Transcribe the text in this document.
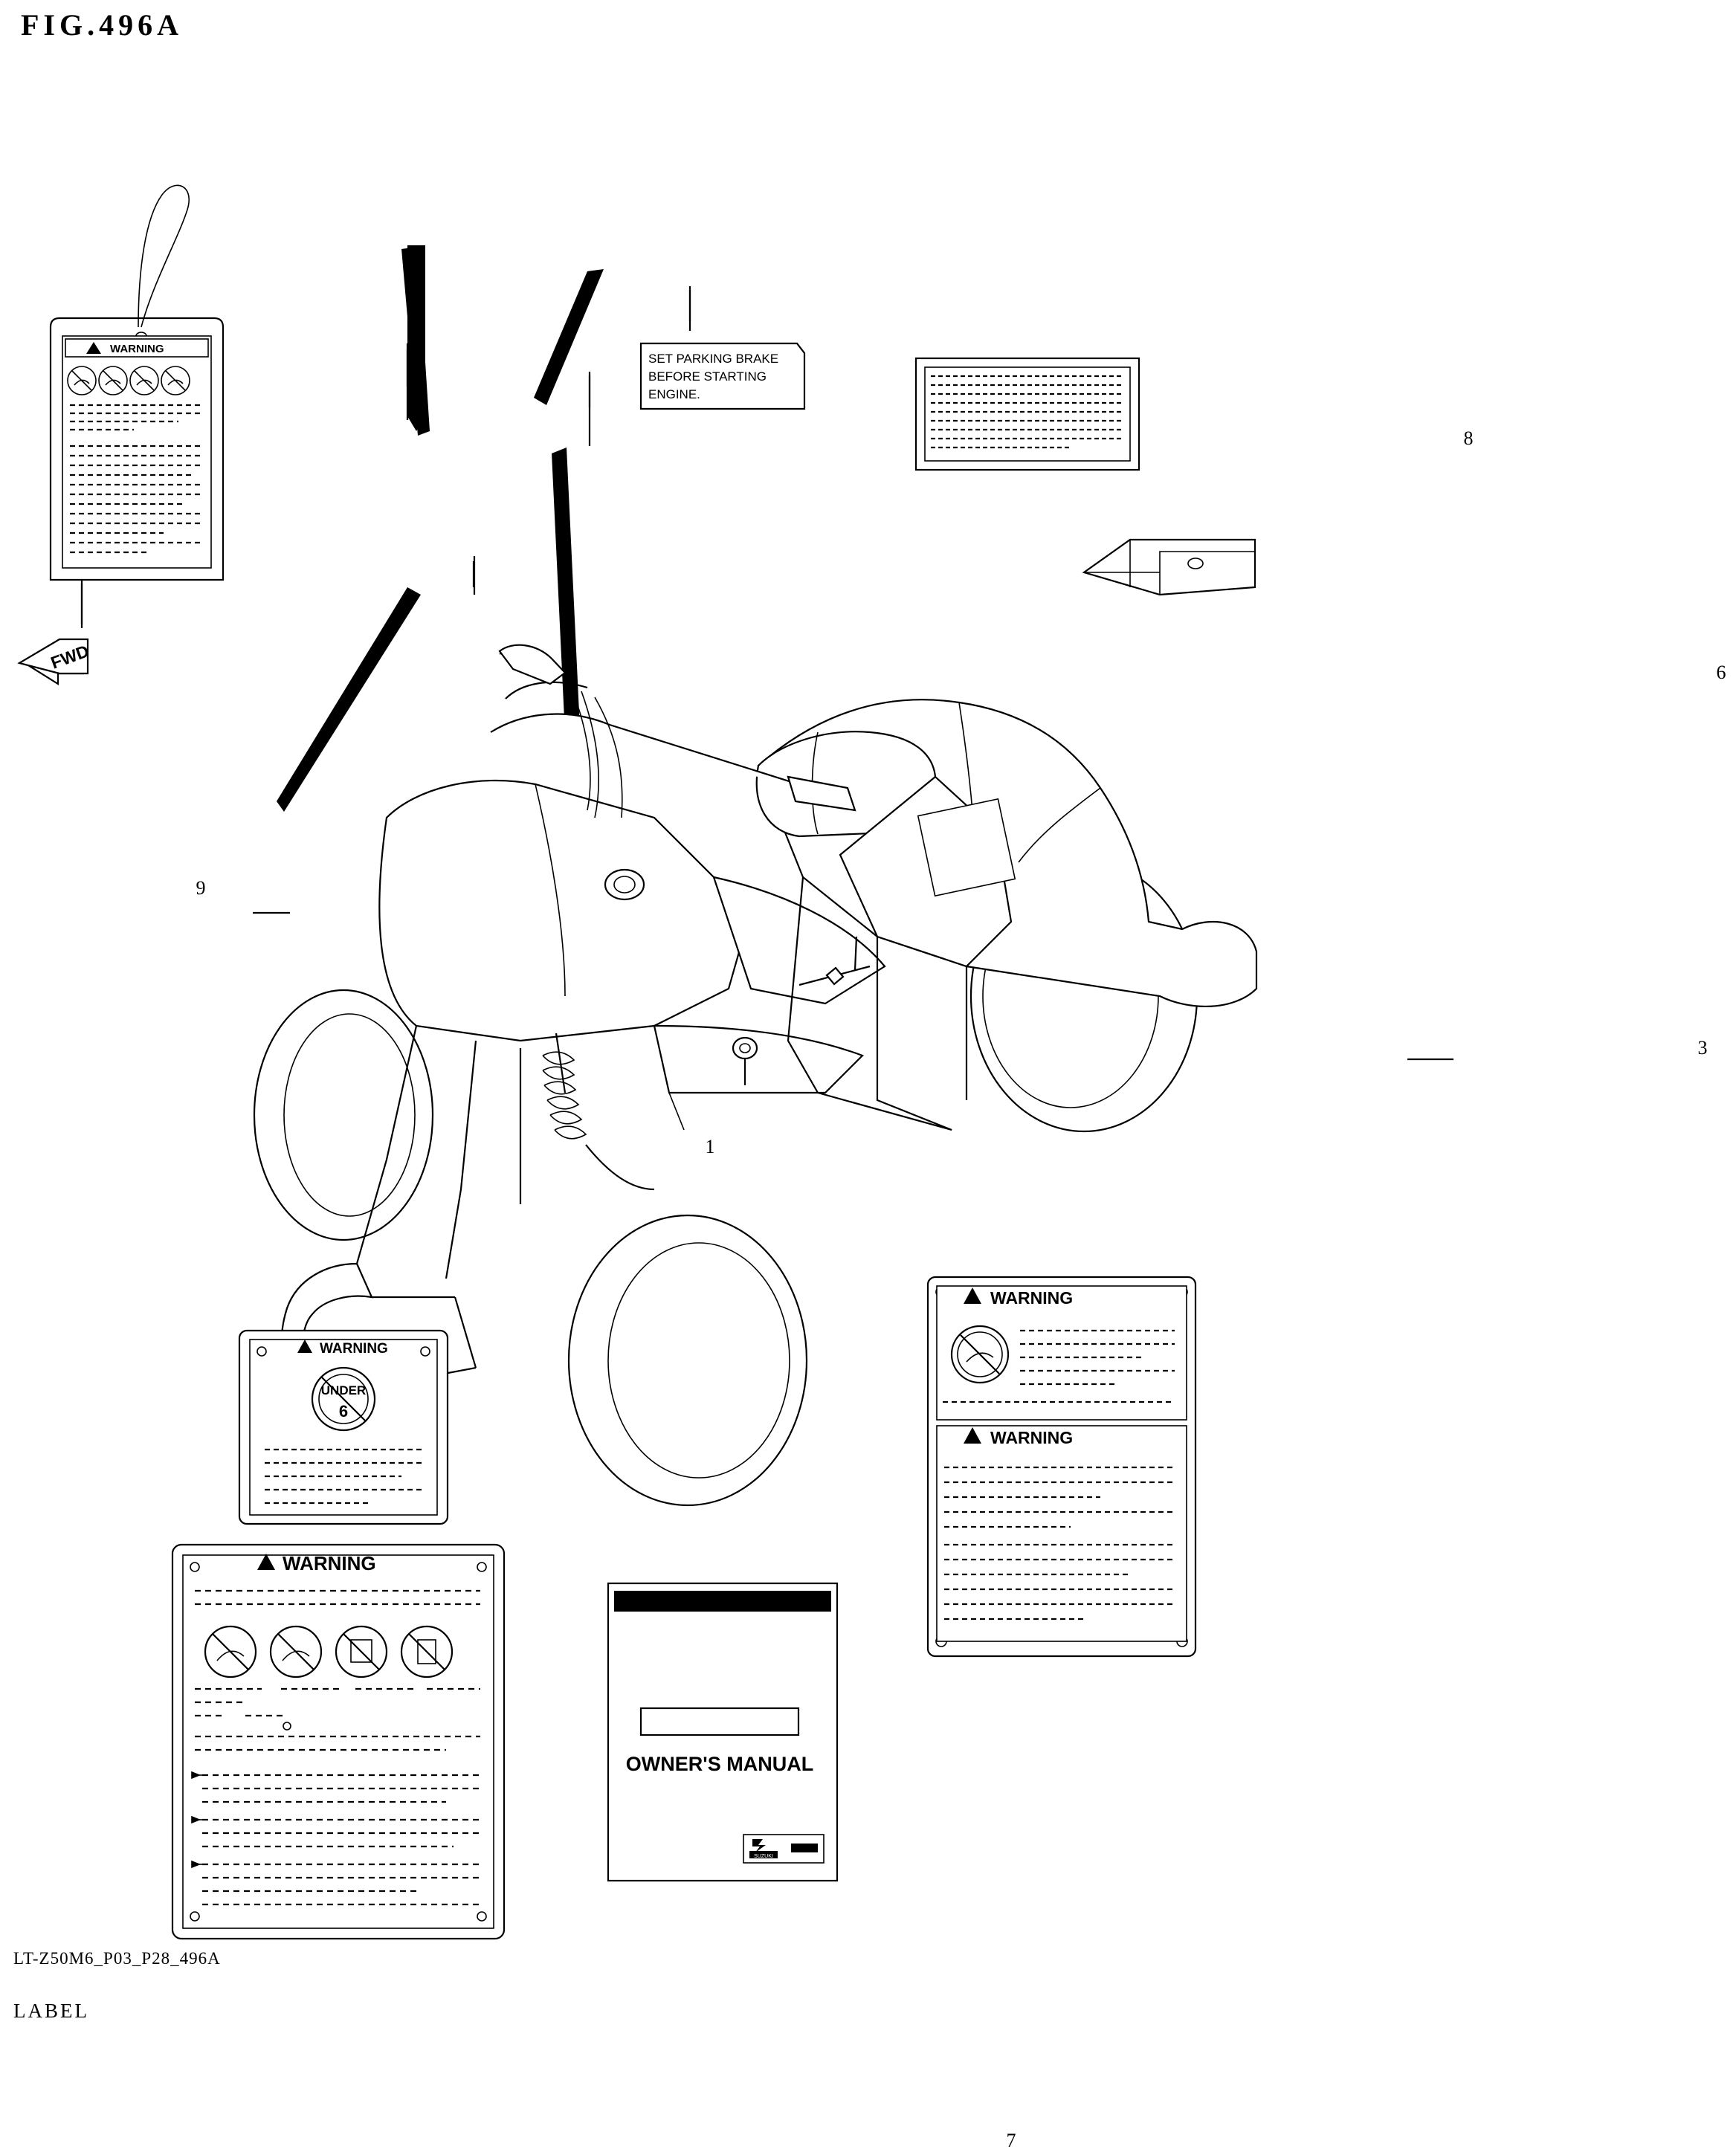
FIG.496A
LT-Z50M6_P03_P28_496A
LABEL
1
3
6
7
8
9
FWD
WARNING
SET PARKING BRAKE
BEFORE STARTING
ENGINE.
WARNING
UNDER
6
WARNING
WARNING
WARNING
OWNER'S MANUAL
SUZUKI
